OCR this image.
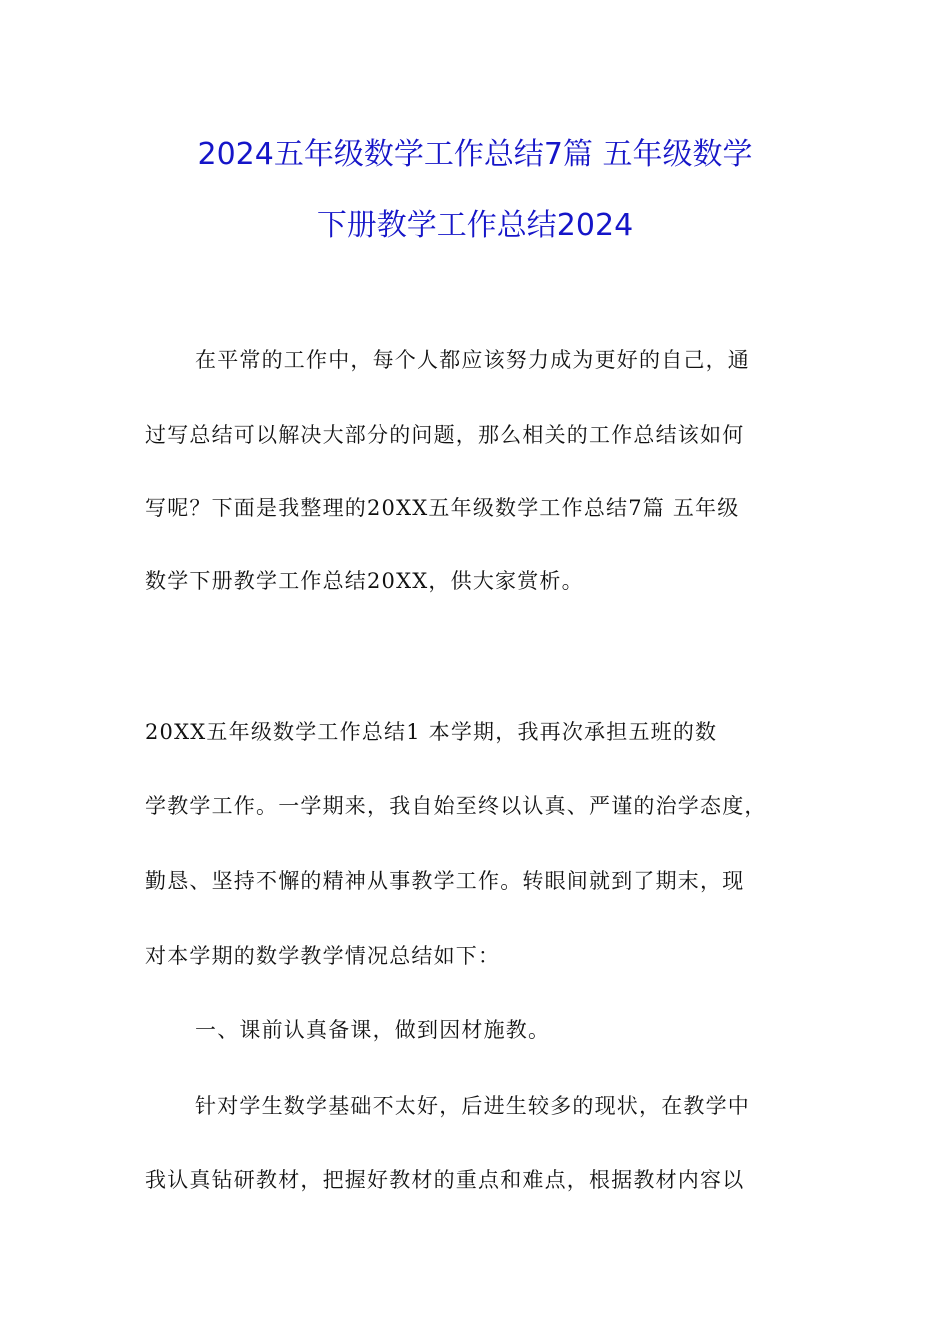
2024五年级数学工作总结7篇 五年级数学
下册教学工作总结2024
在平常的工作中，每个人都应该努力成为更好的自己，通
过写总结可以解决大部分的问题，那么相关的工作总结该如何
写呢？下面是我整理的20XX五年级数学工作总结7篇 五年级
数学下册教学工作总结20XX，供大家赏析。
20XX五年级数学工作总结1 本学期，我再次承担五班的数
学教学工作。一学期来，我自始至终以认真、严谨的治学态度，
勤恳、坚持不懈的精神从事教学工作。转眼间就到了期末，现
对本学期的数学教学情况总结如下：
一、课前认真备课，做到因材施教。
针对学生数学基础不太好，后进生较多的现状，在教学中
我认真钻研教材，把握好教材的重点和难点，根据教材内容以
